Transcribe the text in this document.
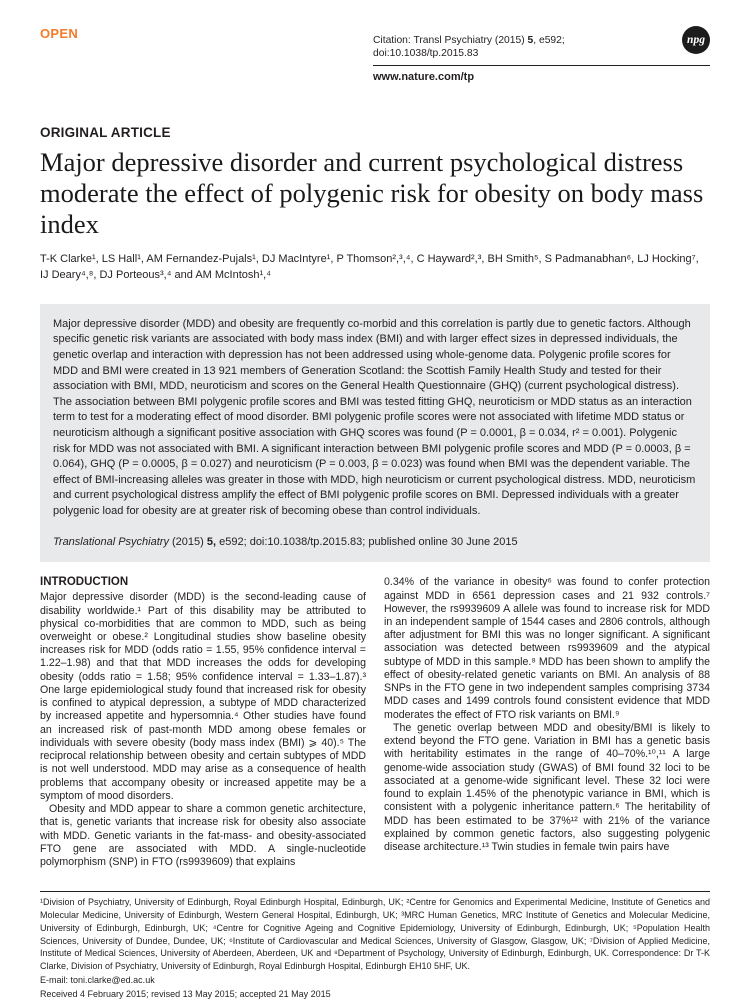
OPEN	Citation: Transl Psychiatry (2015) 5, e592; doi:10.1038/tp.2015.83
npg
www.nature.com/tp
ORIGINAL ARTICLE
Major depressive disorder and current psychological distress moderate the effect of polygenic risk for obesity on body mass index
T-K Clarke¹, LS Hall¹, AM Fernandez-Pujals¹, DJ MacIntyre¹, P Thomson²,³,⁴, C Hayward²,³, BH Smith⁵, S Padmanabhan⁶, LJ Hocking⁷, IJ Deary⁴,⁸, DJ Porteous³,⁴ and AM McIntosh¹,⁴
Major depressive disorder (MDD) and obesity are frequently co-morbid and this correlation is partly due to genetic factors. Although specific genetic risk variants are associated with body mass index (BMI) and with larger effect sizes in depressed individuals, the genetic overlap and interaction with depression has not been addressed using whole-genome data. Polygenic profile scores for MDD and BMI were created in 13 921 members of Generation Scotland: the Scottish Family Health Study and tested for their association with BMI, MDD, neuroticism and scores on the General Health Questionnaire (GHQ) (current psychological distress). The association between BMI polygenic profile scores and BMI was tested fitting GHQ, neuroticism or MDD status as an interaction term to test for a moderating effect of mood disorder. BMI polygenic profile scores were not associated with lifetime MDD status or neuroticism although a significant positive association with GHQ scores was found (P = 0.0001, β = 0.034, r² = 0.001). Polygenic risk for MDD was not associated with BMI. A significant interaction between BMI polygenic profile scores and MDD (P = 0.0003, β = 0.064), GHQ (P = 0.0005, β = 0.027) and neuroticism (P = 0.003, β = 0.023) was found when BMI was the dependent variable. The effect of BMI-increasing alleles was greater in those with MDD, high neuroticism or current psychological distress. MDD, neuroticism and current psychological distress amplify the effect of BMI polygenic profile scores on BMI. Depressed individuals with a greater polygenic load for obesity are at greater risk of becoming obese than control individuals.
Translational Psychiatry (2015) 5, e592; doi:10.1038/tp.2015.83; published online 30 June 2015
INTRODUCTION

Major depressive disorder (MDD) is the second-leading cause of disability worldwide.¹ Part of this disability may be attributed to physical co-morbidities that are common to MDD, such as being overweight or obese.² Longitudinal studies show baseline obesity increases risk for MDD (odds ratio = 1.55, 95% confidence interval = 1.22–1.98) and that that MDD increases the odds for developing obesity (odds ratio = 1.58; 95% confidence interval = 1.33–1.87).³ One large epidemiological study found that increased risk for obesity is confined to atypical depression, a subtype of MDD characterized by increased appetite and hypersomnia.⁴ Other studies have found an increased risk of past-month MDD among obese females or individuals with severe obesity (body mass index (BMI) ⩾ 40).⁵ The reciprocal relationship between obesity and certain subtypes of MDD is not well understood. MDD may arise as a consequence of health problems that accompany obesity or increased appetite may be a symptom of mood disorders.

Obesity and MDD appear to share a common genetic architecture, that is, genetic variants that increase risk for obesity also associate with MDD. Genetic variants in the fat-mass- and obesity-associated FTO gene are associated with MDD. A single-nucleotide polymorphism (SNP) in FTO (rs9939609) that explains

0.34% of the variance in obesity⁶ was found to confer protection against MDD in 6561 depression cases and 21 932 controls.⁷ However, the rs9939609 A allele was found to increase risk for MDD in an independent sample of 1544 cases and 2806 controls, although after adjustment for BMI this was no longer significant. A significant association was detected between rs9939609 and the atypical subtype of MDD in this sample.⁸ MDD has been shown to amplify the effect of obesity-related genetic variants on BMI. An analysis of 88 SNPs in the FTO gene in two independent samples comprising 3734 MDD cases and 1499 controls found consistent evidence that MDD moderates the effect of FTO risk variants on BMI.⁹

The genetic overlap between MDD and obesity/BMI is likely to extend beyond the FTO gene. Variation in BMI has a genetic basis with heritability estimates in the range of 40–70%.¹⁰,¹¹ A large genome-wide association study (GWAS) of BMI found 32 loci to be associated at a genome-wide significant level. These 32 loci were found to explain 1.45% of the phenotypic variance in BMI, which is consistent with a polygenic inheritance pattern.⁶ The heritability of MDD has been estimated to be 37%¹² with 21% of the variance explained by common genetic factors, also suggesting polygenic disease architecture.¹³ Twin studies in female twin pairs have

¹Division of Psychiatry, University of Edinburgh, Royal Edinburgh Hospital, Edinburgh, UK; ²Centre for Genomics and Experimental Medicine, Institute of Genetics and Molecular Medicine, University of Edinburgh, Western General Hospital, Edinburgh, UK; ³MRC Human Genetics, MRC Institute of Genetics and Molecular Medicine, University of Edinburgh, Edinburgh, UK; ⁴Centre for Cognitive Ageing and Cognitive Epidemiology, University of Edinburgh, Edinburgh, UK; ⁵Population Health Sciences, University of Dundee, Dundee, UK; ⁶Institute of Cardiovascular and Medical Sciences, University of Glasgow, Glasgow, UK; ⁷Division of Applied Medicine, Institute of Medical Sciences, University of Aberdeen, Aberdeen, UK and ⁸Department of Psychology, University of Edinburgh, Edinburgh, UK. Correspondence: Dr T-K Clarke, Division of Psychiatry, University of Edinburgh, Royal Edinburgh Hospital, Edinburgh EH10 5HF, UK.
E-mail: toni.clarke@ed.ac.uk
Received 4 February 2015; revised 13 May 2015; accepted 21 May 2015
